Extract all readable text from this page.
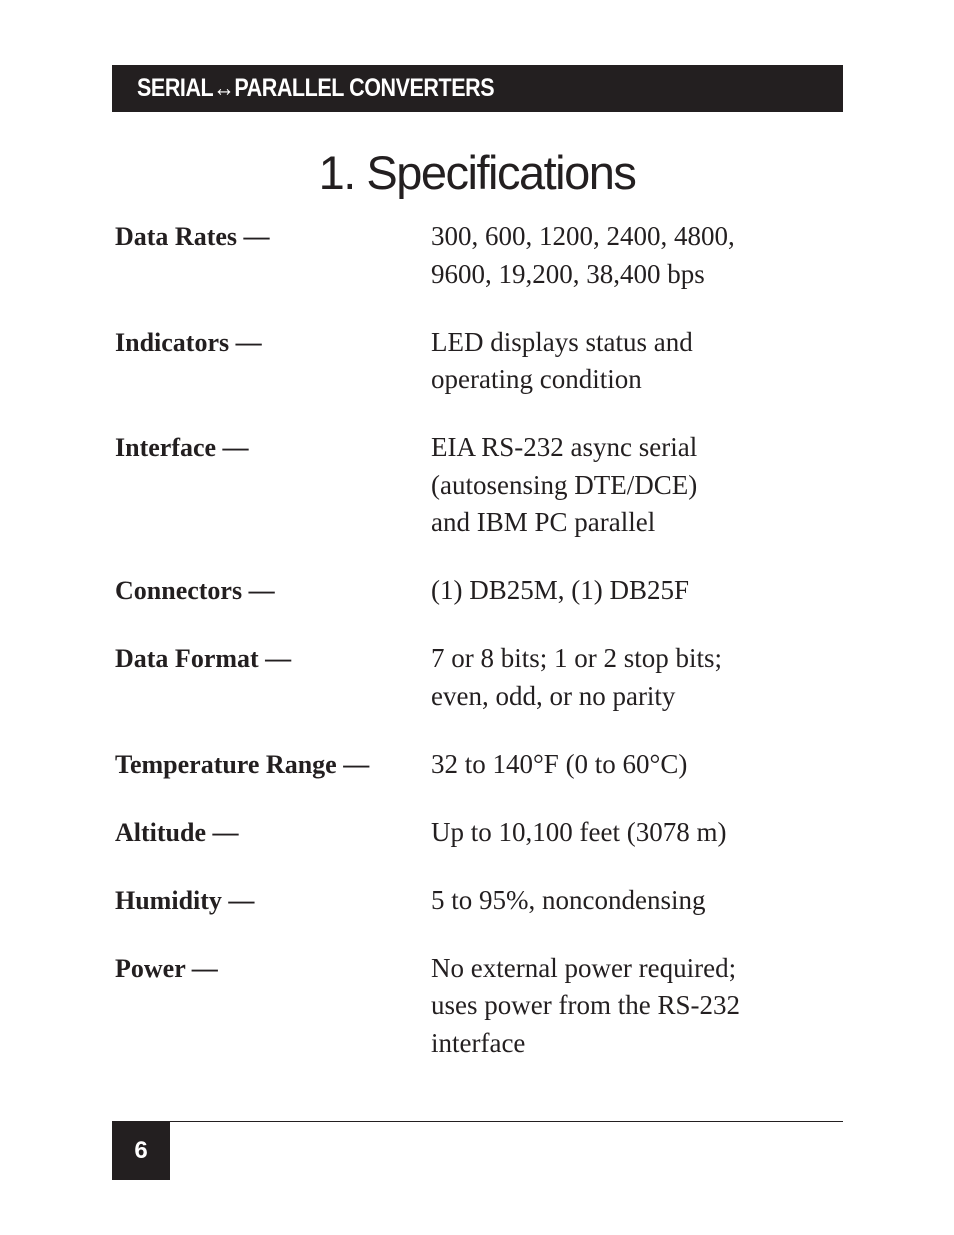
SERIAL↔PARALLEL CONVERTERS
1. Specifications
Data Rates —	300, 600, 1200, 2400, 4800,
9600, 19,200, 38,400 bps
Indicators —	LED displays status and
operating condition
Interface —	EIA RS-232 async serial
(autosensing DTE/DCE)
and IBM PC parallel
Connectors —	(1) DB25M, (1) DB25F
Data Format —	7 or 8 bits; 1 or 2 stop bits;
even, odd, or no parity
Temperature Range —	32 to 140°F (0 to 60°C)
Altitude —	Up to 10,100 feet (3078 m)
Humidity —	5 to 95%, noncondensing
Power —	No external power required;
uses power from the RS-232
interface
6
